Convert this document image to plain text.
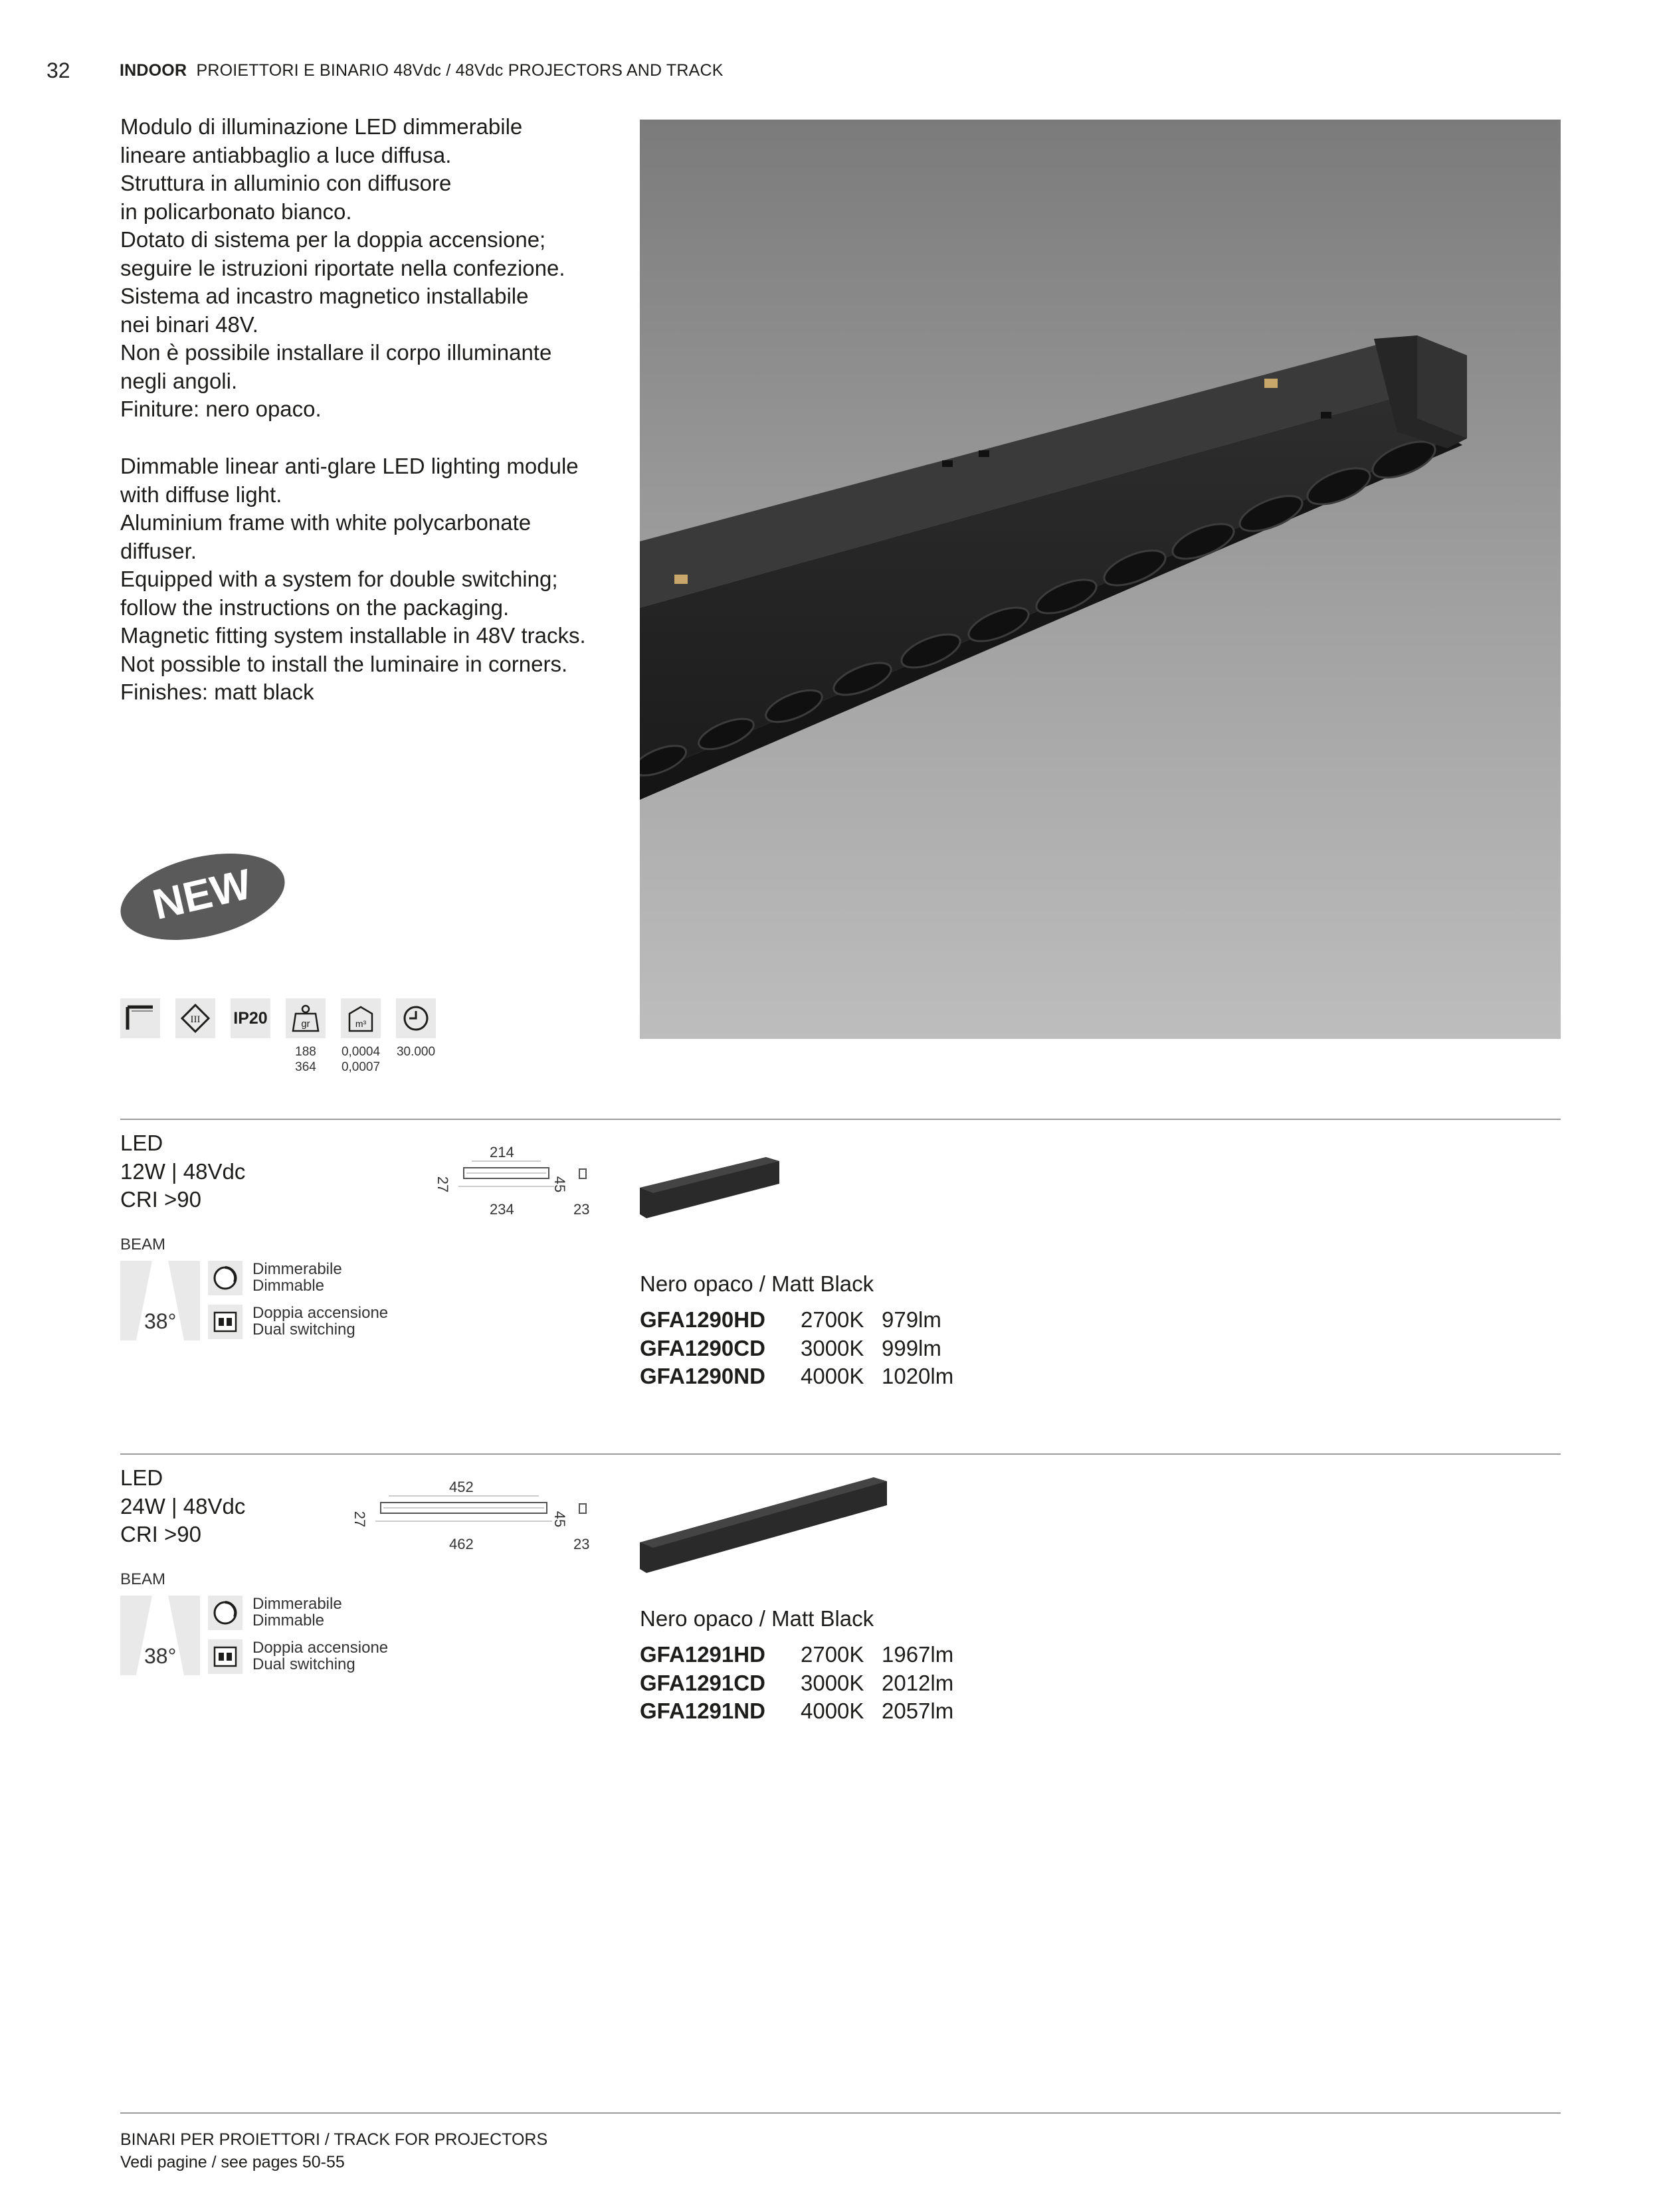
32	INDOOR PROIETTORI E BINARIO 48Vdc / 48Vdc PROJECTORS AND TRACK

Modulo di illuminazione LED dimmerabile

lineare antiabbaglio a luce diffusa.

Struttura in alluminio con diffusore

in policarbonato bianco.

Dotato di sistema per la doppia accensione;

seguire le istruzioni riportate nella confezione.

Sistema ad incastro magnetico installabile

nei binari 48V.

Non è possibile installare il corpo illuminante

negli angoli.

Finiture: nero opaco.

Dimmable linear anti-glare LED lighting module

with diffuse light.

Aluminium frame with white polycarbonate

diffuser.

Equipped with a system for double switching;

follow the instructions on the packaging.

Magnetic fitting system installable in 48V tracks.

Not possible to install the luminaire in corners.

Finishes: matt black

NEW
III IP20	gr	m³
188
364
0,0004
0,0007
30.000
LED
12W | 48Vdc
CRI >90
214
234
27	45
23
BEAM
38°
Dimmerabile
Dimmable
Doppia accensione
Dual switching
Nero opaco / Matt Black
GFA1290HD	2700K 979lm
GFA1290CD	3000K 999lm
GFA1290ND	4000K 1020lm
LED
24W | 48Vdc
CRI >90
452
462
27	45
23
BEAM
38°
Dimmerabile
Dimmable
Doppia accensione
Dual switching
Nero opaco / Matt Black
GFA1291HD	2700K 1967lm
GFA1291CD	3000K 2012lm
GFA1291ND	4000K 2057lm
BINARI PER PROIETTORI / TRACK FOR PROJECTORS
Vedi pagine / see pages 50-55
